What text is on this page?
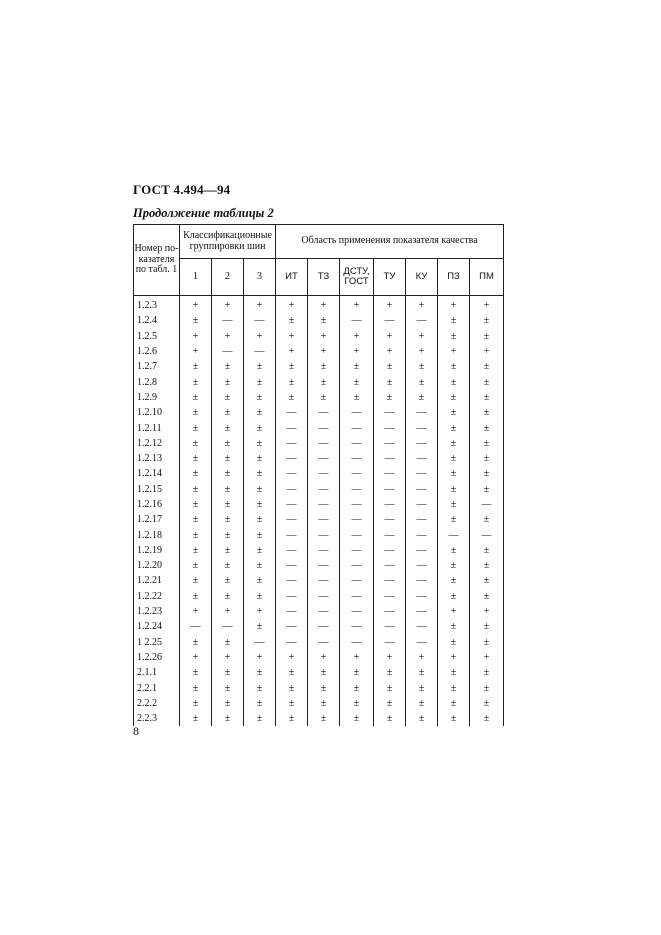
ГОСТ 4.494—94
Продолжение таблицы 2
Номер по-казателя по табл. 1	Классификационные группировки шин			Область применения показателя качества						
	1	2	3	ИТ	ТЗ	ДСТУ, ГОСТ	ТУ	КУ	ПЗ	ПМ
1.2.3	+	+	+	+	+	+	+	+	+	+
1.2.4	±	—	—	±	±	—	—	—	±	±
1.2.5	+	+	+	+	+	+	+	+	±	±
1.2.6	+	—	—	+	+	+	+	+	+	+
1.2.7	±	±	±	±	±	±	±	±	±	±
1.2.8	±	±	±	±	±	±	±	±	±	±
1.2.9	±	±	±	±	±	±	±	±	±	±
1.2.10	±	±	±	—	—	—	—	—	±	±
1.2.11	±	±	±	—	—	—	—	—	±	±
1.2.12	±	±	±	—	—	—	—	—	±	±
1.2.13	±	±	±	—	—	—	—	—	±	±
1.2.14	±	±	±	—	—	—	—	—	±	±
1.2.15	±	±	±	—	—	—	—	—	±	±
1.2.16	±	±	±	—	—	—	—	—	±	—
1.2.17	±	±	±	—	—	—	—	—	±	±
1.2.18	±	±	±	—	—	—	—	—	—	—
1.2.19	±	±	±	—	—	—	—	—	±	±
1.2.20	±	±	±	—	—	—	—	—	±	±
1.2.21	±	±	±	—	—	—	—	—	±	±
1.2.22	±	±	±	—	—	—	—	—	±	±
1.2.23	+	+	+	—	—	—	—	—	+	+
1.2.24	—	—	±	—	—	—	—	—	±	±
1 2.25	±	±	—	—	—	—	—	—	±	±
1.2.26	+	+	+	+	+	+	+	+	+	+
2.1.1	±	±	±	±	±	±	±	±	±	±
2.2.1	±	±	±	±	±	±	±	±	±	±
2.2.2	±	±	±	±	±	±	±	±	±	±
2.2.3	±	±	±	±	±	±	±	±	±	±
8
